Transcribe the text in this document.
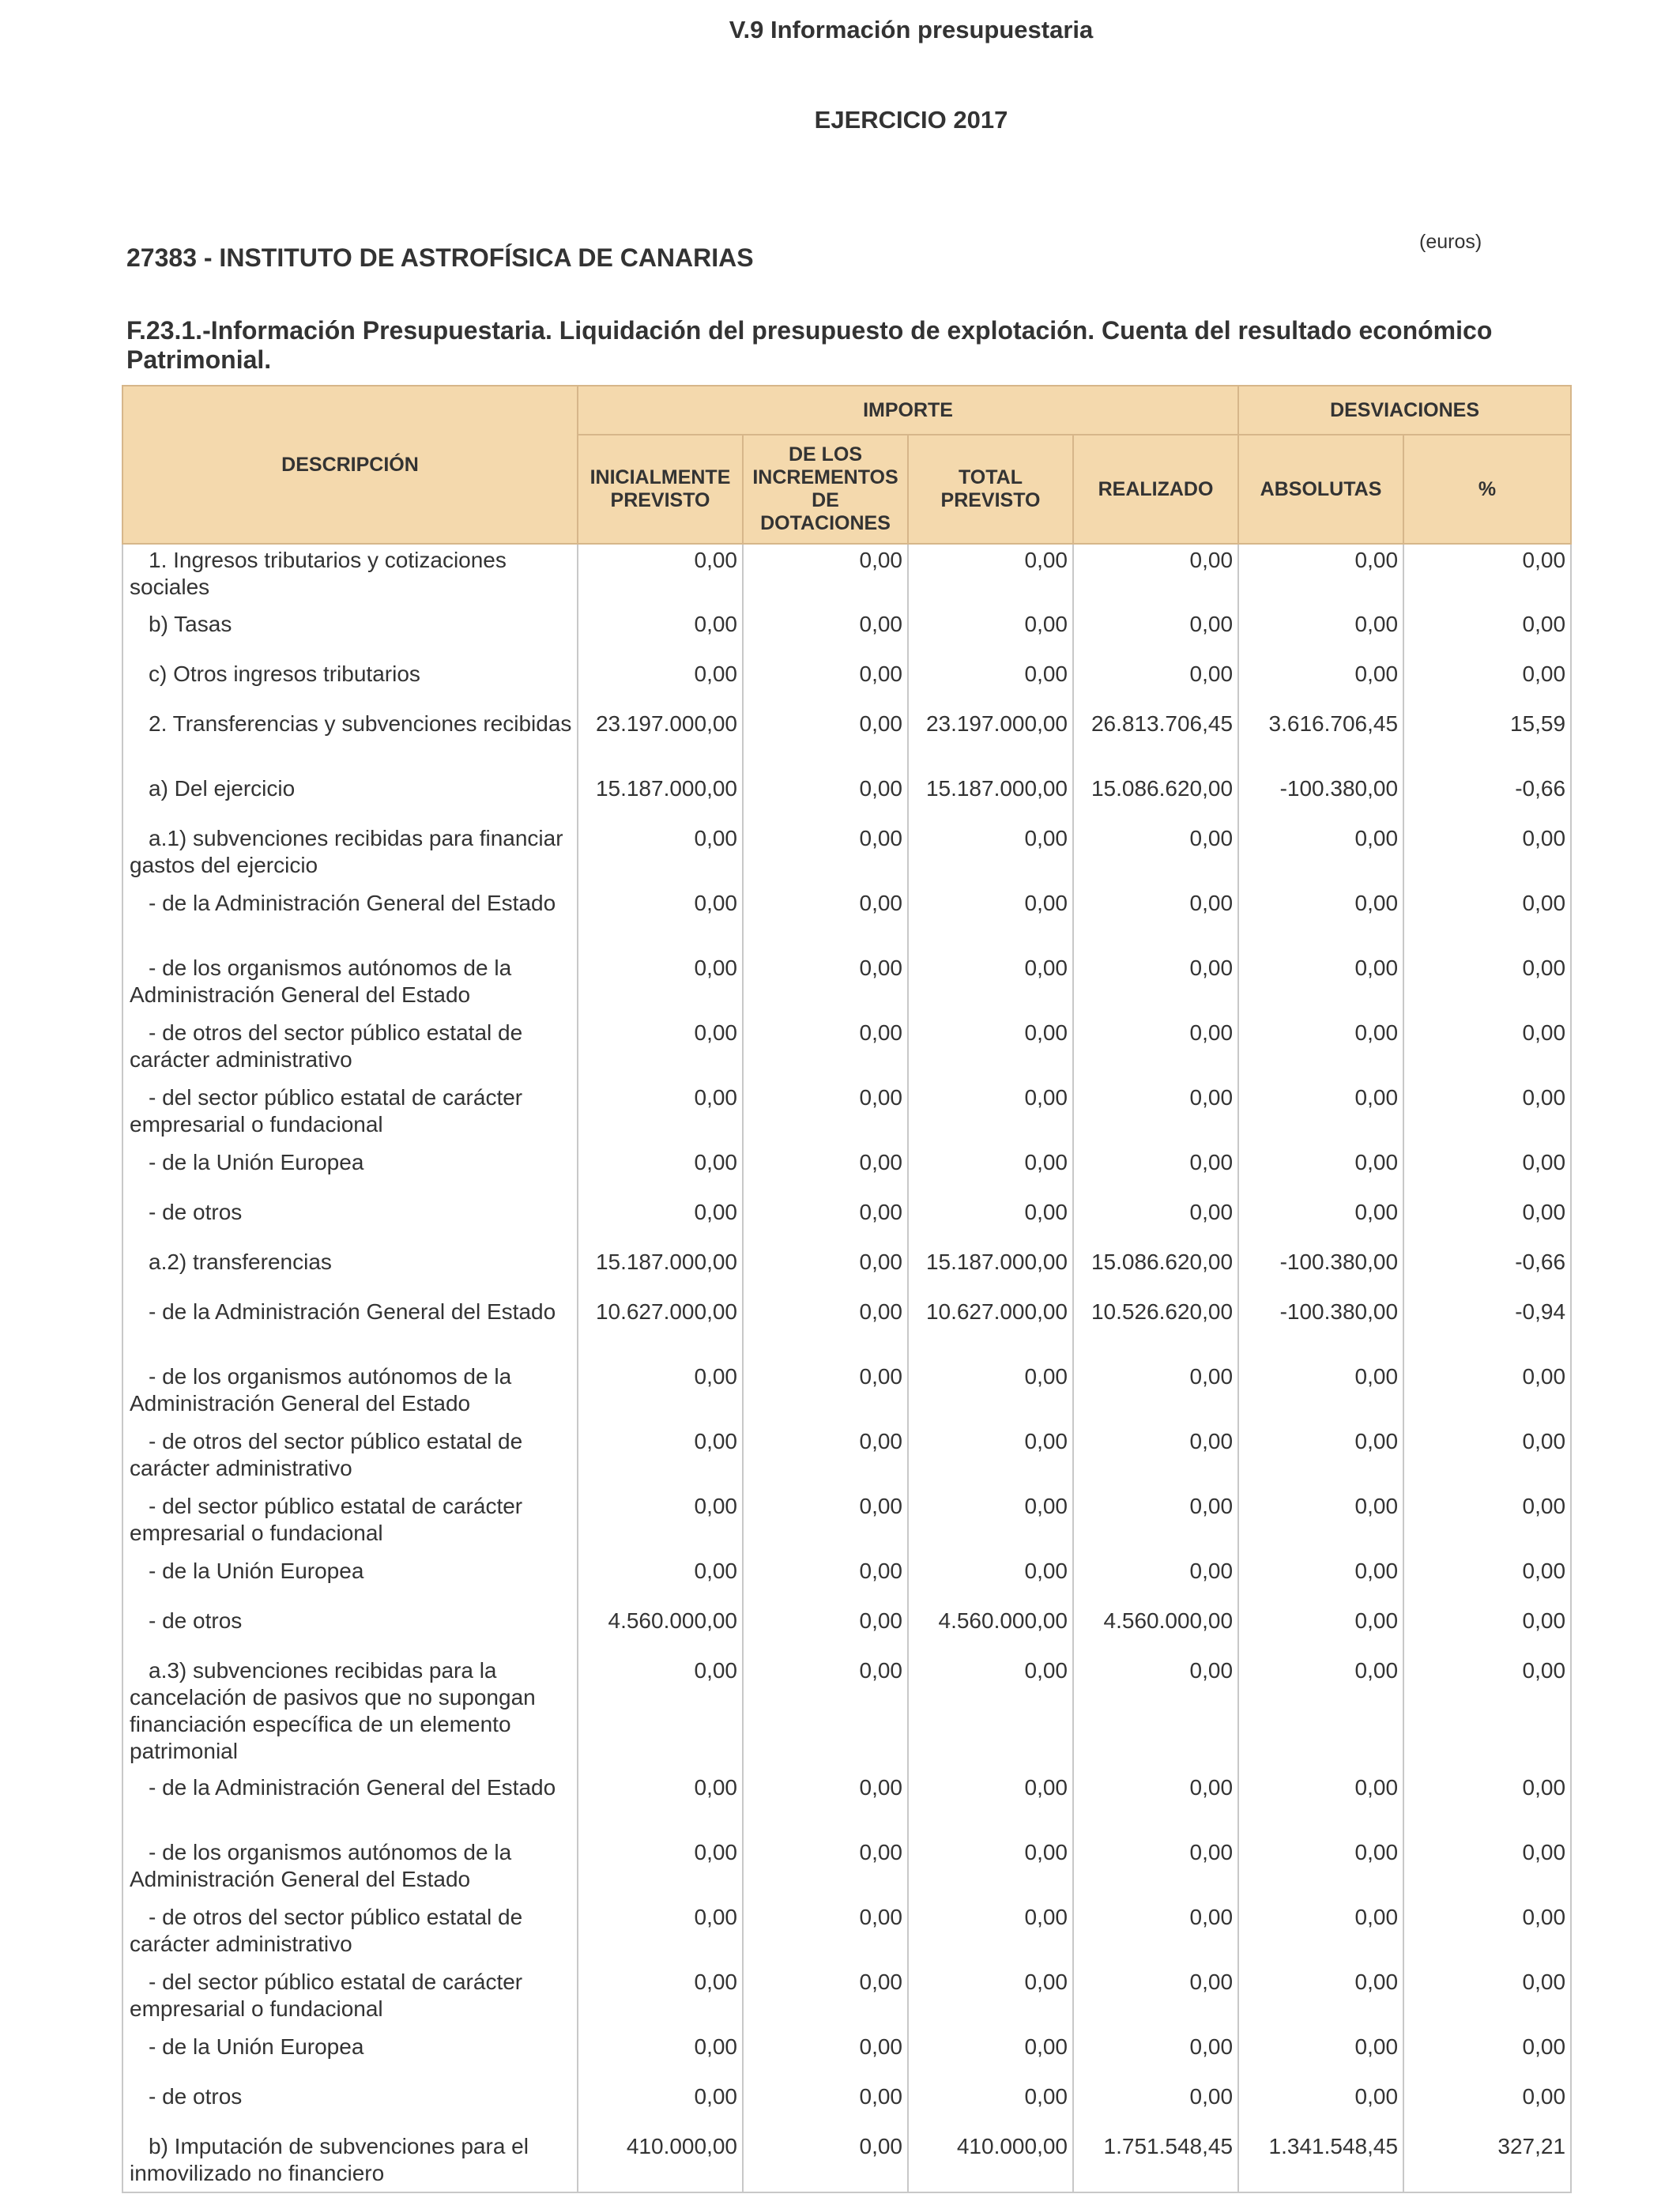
V.9 Información presupuestaria
EJERCICIO 2017
27383 - INSTITUTO DE ASTROFÍSICA DE CANARIAS
(euros)
F.23.1.-Información Presupuestaria. Liquidación del presupuesto de explotación. Cuenta del resultado económico Patrimonial.
DESCRIPCIÓN	IMPORTE				DESVIACIONES	
	INICIALMENTE PREVISTO	DE LOS INCREMENTOS DE DOTACIONES	TOTAL PREVISTO	REALIZADO	ABSOLUTAS	%
1. Ingresos tributarios y cotizaciones sociales	0,00	0,00	0,00	0,00	0,00	0,00
b) Tasas	0,00	0,00	0,00	0,00	0,00	0,00
c) Otros ingresos tributarios	0,00	0,00	0,00	0,00	0,00	0,00
2. Transferencias y subvenciones recibidas	23.197.000,00	0,00	23.197.000,00	26.813.706,45	3.616.706,45	15,59
a) Del ejercicio	15.187.000,00	0,00	15.187.000,00	15.086.620,00	-100.380,00	-0,66
a.1) subvenciones recibidas para financiar gastos del ejercicio	0,00	0,00	0,00	0,00	0,00	0,00
- de la Administración General del Estado	0,00	0,00	0,00	0,00	0,00	0,00
- de los organismos autónomos de la Administración General del Estado	0,00	0,00	0,00	0,00	0,00	0,00
- de otros del sector público estatal de carácter administrativo	0,00	0,00	0,00	0,00	0,00	0,00
- del sector público estatal de carácter empresarial o fundacional	0,00	0,00	0,00	0,00	0,00	0,00
- de la Unión Europea	0,00	0,00	0,00	0,00	0,00	0,00
- de otros	0,00	0,00	0,00	0,00	0,00	0,00
a.2) transferencias	15.187.000,00	0,00	15.187.000,00	15.086.620,00	-100.380,00	-0,66
- de la Administración General del Estado	10.627.000,00	0,00	10.627.000,00	10.526.620,00	-100.380,00	-0,94
- de los organismos autónomos de la Administración General del Estado	0,00	0,00	0,00	0,00	0,00	0,00
- de otros del sector público estatal de carácter administrativo	0,00	0,00	0,00	0,00	0,00	0,00
- del sector público estatal de carácter empresarial o fundacional	0,00	0,00	0,00	0,00	0,00	0,00
- de la Unión Europea	0,00	0,00	0,00	0,00	0,00	0,00
- de otros	4.560.000,00	0,00	4.560.000,00	4.560.000,00	0,00	0,00
a.3) subvenciones recibidas para la cancelación de pasivos que no supongan financiación específica de un elemento patrimonial	0,00	0,00	0,00	0,00	0,00	0,00
- de la Administración General del Estado	0,00	0,00	0,00	0,00	0,00	0,00
- de los organismos autónomos de la Administración General del Estado	0,00	0,00	0,00	0,00	0,00	0,00
- de otros del sector público estatal de carácter administrativo	0,00	0,00	0,00	0,00	0,00	0,00
- del sector público estatal de carácter empresarial o fundacional	0,00	0,00	0,00	0,00	0,00	0,00
- de la Unión Europea	0,00	0,00	0,00	0,00	0,00	0,00
- de otros	0,00	0,00	0,00	0,00	0,00	0,00
b) Imputación de subvenciones para el inmovilizado no financiero	410.000,00	0,00	410.000,00	1.751.548,45	1.341.548,45	327,21
